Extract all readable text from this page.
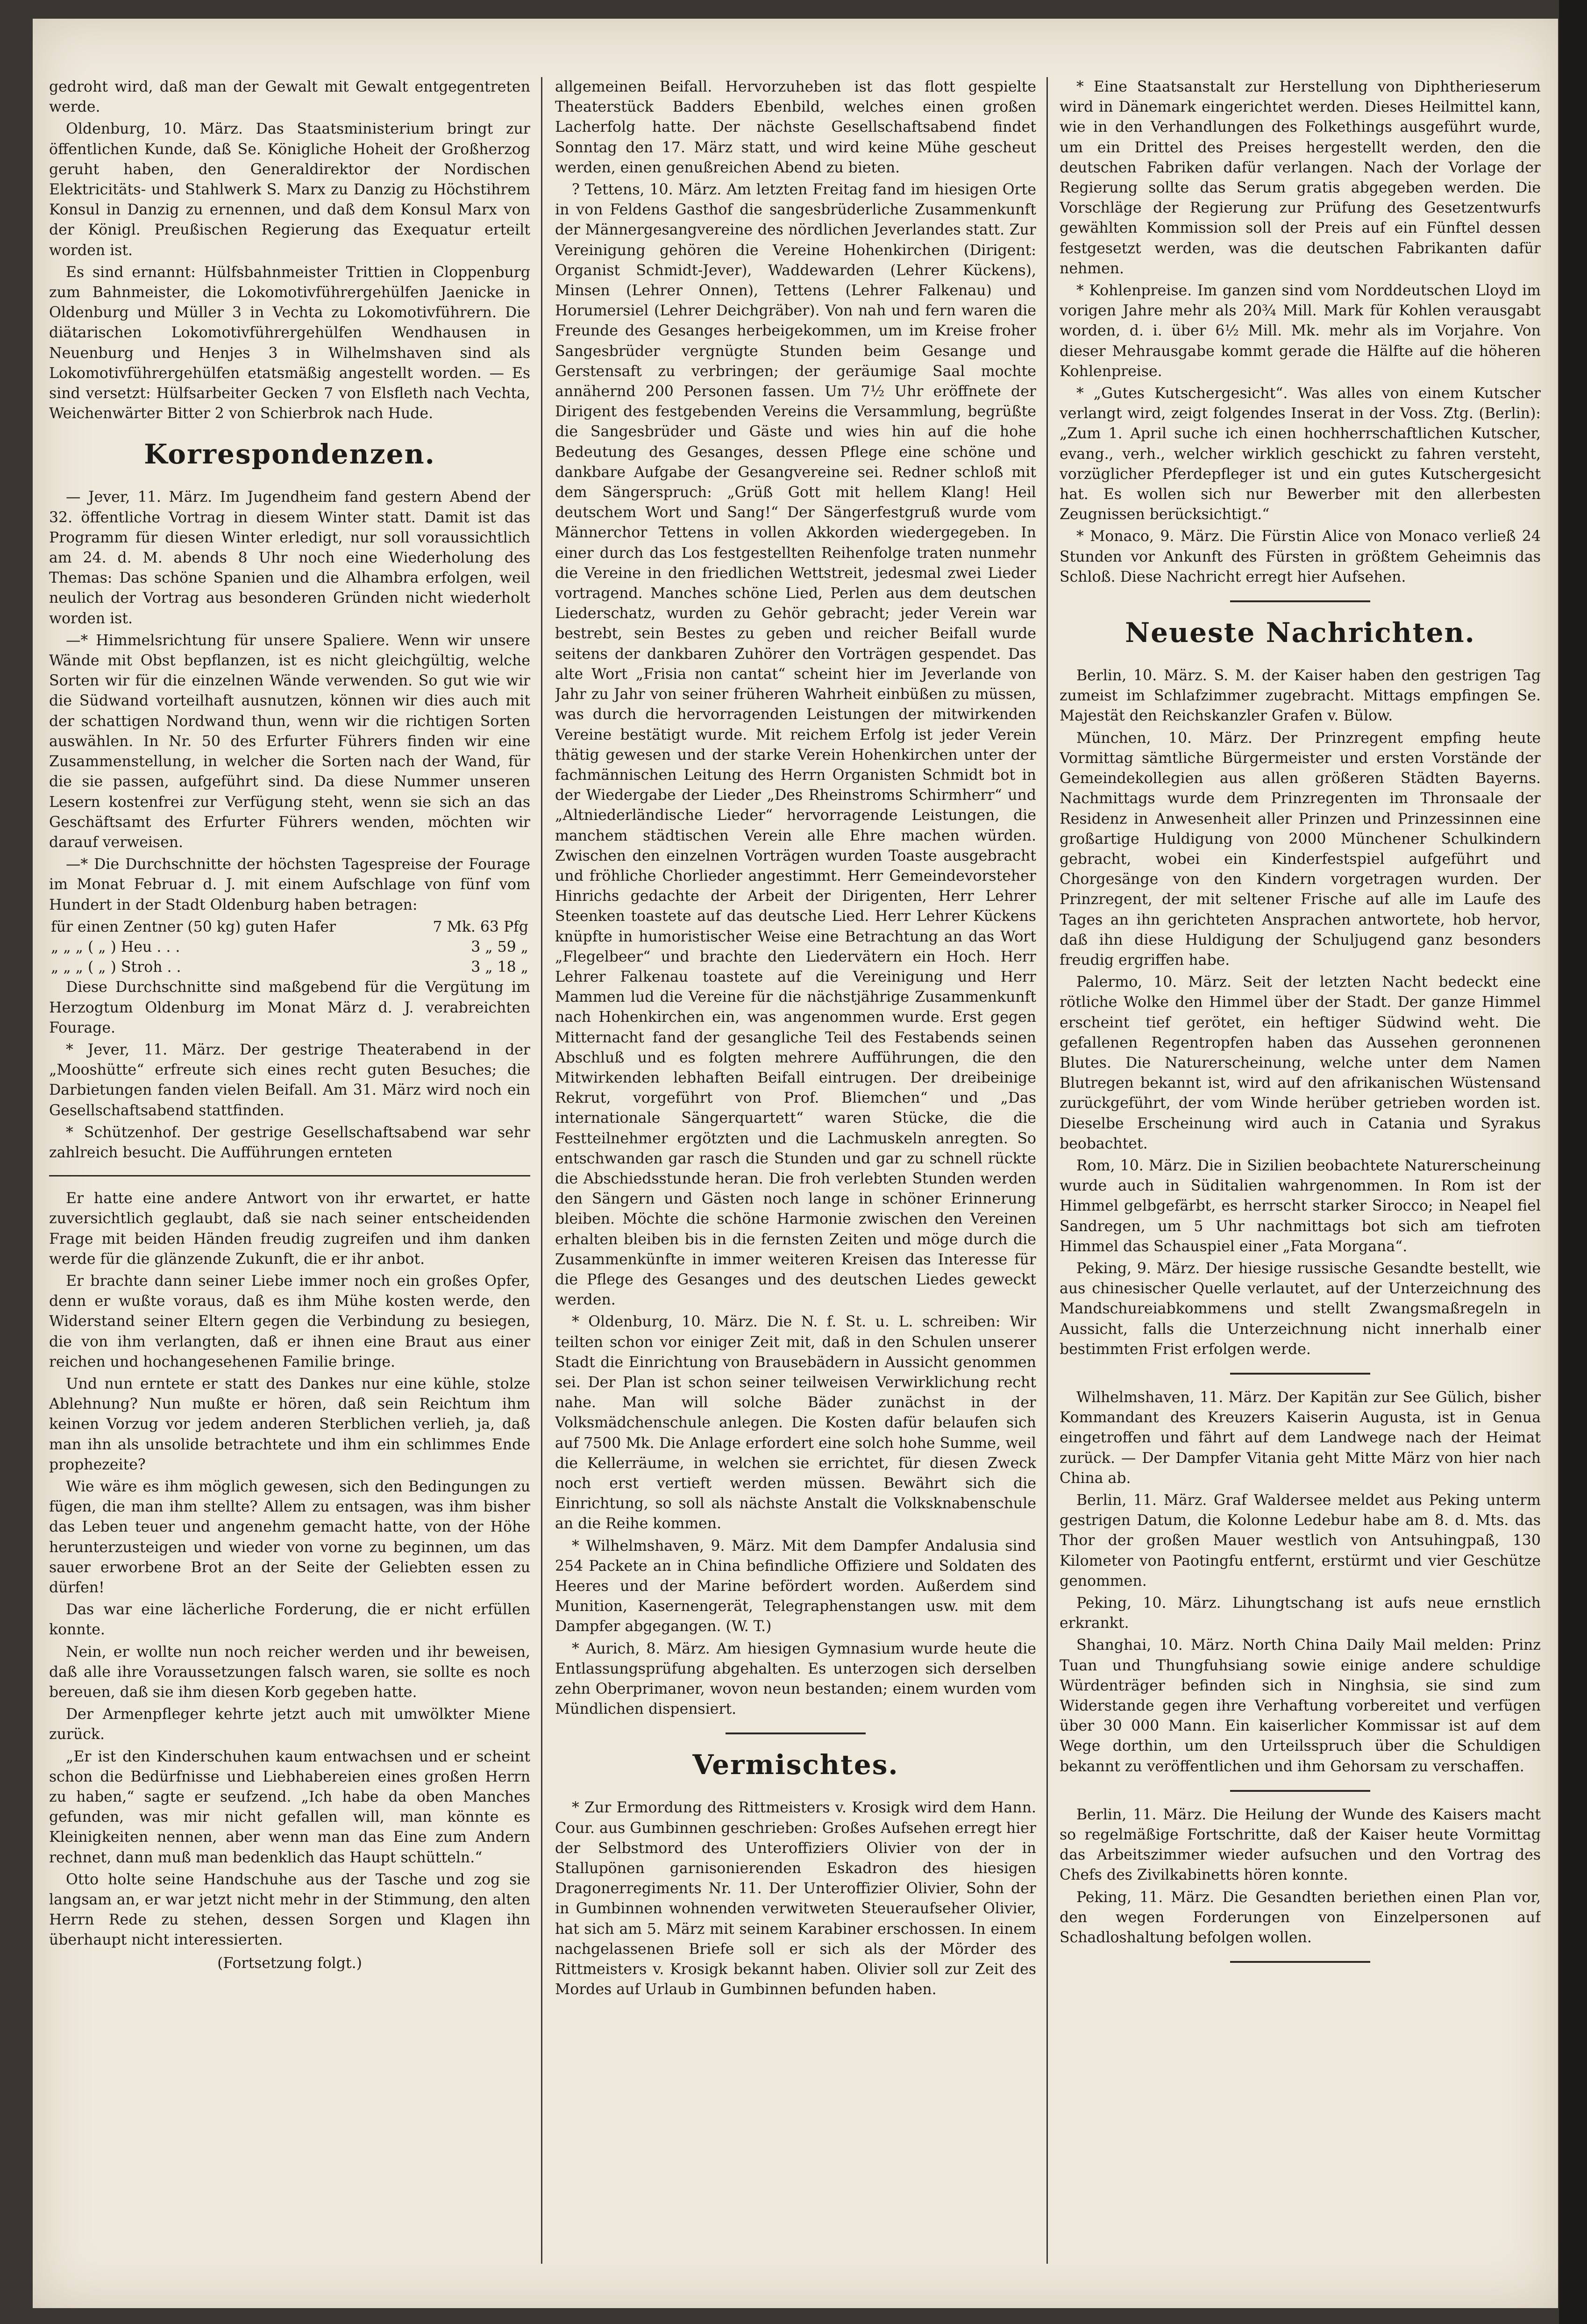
gedroht wird, daß man der Gewalt mit Gewalt entgegentreten werde.

Oldenburg, 10. März. Das Staatsministerium bringt zur öffentlichen Kunde, daß Se. Königliche Hoheit der Großherzog geruht haben, den Generaldirektor der Nordischen Elektricitäts- und Stahlwerk S. Marx zu Danzig zu Höchstihrem Konsul in Danzig zu ernennen, und daß dem Konsul Marx von der Königl. Preußischen Regierung das Exequatur erteilt worden ist.

Es sind ernannt: Hülfsbahnmeister Trittien in Cloppenburg zum Bahnmeister, die Lokomotivführergehülfen Jaenicke in Oldenburg und Müller 3 in Vechta zu Lokomotivführern. Die diätarischen Lokomotivführergehülfen Wendhausen in Neuenburg und Henjes 3 in Wilhelmshaven sind als Lokomotivführergehülfen etatsmäßig angestellt worden. — Es sind versetzt: Hülfsarbeiter Gecken 7 von Elsfleth nach Vechta, Weichenwärter Bitter 2 von Schierbrok nach Hude.

Korrespondenzen.

— Jever, 11. März. Im Jugendheim fand gestern Abend der 32. öffentliche Vortrag in diesem Winter statt. Damit ist das Programm für diesen Winter erledigt, nur soll voraussichtlich am 24. d. M. abends 8 Uhr noch eine Wiederholung des Themas: Das schöne Spanien und die Alhambra erfolgen, weil neulich der Vortrag aus besonderen Gründen nicht wiederholt worden ist.

—* Himmelsrichtung für unsere Spaliere. Wenn wir unsere Wände mit Obst bepflanzen, ist es nicht gleichgültig, welche Sorten wir für die einzelnen Wände verwenden. So gut wie wir die Südwand vorteilhaft ausnutzen, können wir dies auch mit der schattigen Nordwand thun, wenn wir die richtigen Sorten auswählen. In Nr. 50 des Erfurter Führers finden wir eine Zusammenstellung, in welcher die Sorten nach der Wand, für die sie passen, aufgeführt sind. Da diese Nummer unseren Lesern kostenfrei zur Verfügung steht, wenn sie sich an das Geschäftsamt des Erfurter Führers wenden, möchten wir darauf verweisen.

—* Die Durchschnitte der höchsten Tagespreise der Fourage im Monat Februar d. J. mit einem Aufschlage von fünf vom Hundert in der Stadt Oldenburg haben betragen:

für einen Zentner (50 kg) guten Hafer	7 Mk. 63 Pfg
„ „ „ ( „ ) Heu . . .	3 „ 59 „
„ „ „ ( „ ) Stroh . .	3 „ 18 „

Diese Durchschnitte sind maßgebend für die Vergütung im Herzogtum Oldenburg im Monat März d. J. verabreichten Fourage.

* Jever, 11. März. Der gestrige Theaterabend in der „Mooshütte“ erfreute sich eines recht guten Besuches; die Darbietungen fanden vielen Beifall. Am 31. März wird noch ein Gesellschaftsabend stattfinden.

* Schützenhof. Der gestrige Gesellschaftsabend war sehr zahlreich besucht. Die Aufführungen ernteten

Er hatte eine andere Antwort von ihr erwartet, er hatte zuversichtlich geglaubt, daß sie nach seiner entscheidenden Frage mit beiden Händen freudig zugreifen und ihm danken werde für die glänzende Zukunft, die er ihr anbot.

Er brachte dann seiner Liebe immer noch ein großes Opfer, denn er wußte voraus, daß es ihm Mühe kosten werde, den Widerstand seiner Eltern gegen die Verbindung zu besiegen, die von ihm verlangten, daß er ihnen eine Braut aus einer reichen und hochangesehenen Familie bringe.

Und nun erntete er statt des Dankes nur eine kühle, stolze Ablehnung? Nun mußte er hören, daß sein Reichtum ihm keinen Vorzug vor jedem anderen Sterblichen verlieh, ja, daß man ihn als unsolide betrachtete und ihm ein schlimmes Ende prophezeite?

Wie wäre es ihm möglich gewesen, sich den Bedingungen zu fügen, die man ihm stellte? Allem zu entsagen, was ihm bisher das Leben teuer und angenehm gemacht hatte, von der Höhe herunterzusteigen und wieder von vorne zu beginnen, um das sauer erworbene Brot an der Seite der Geliebten essen zu dürfen!

Das war eine lächerliche Forderung, die er nicht erfüllen konnte.

Nein, er wollte nun noch reicher werden und ihr beweisen, daß alle ihre Voraussetzungen falsch waren, sie sollte es noch bereuen, daß sie ihm diesen Korb gegeben hatte.

Der Armenpfleger kehrte jetzt auch mit umwölkter Miene zurück.

„Er ist den Kinderschuhen kaum entwachsen und er scheint schon die Bedürfnisse und Liebhabereien eines großen Herrn zu haben,“ sagte er seufzend. „Ich habe da oben Manches gefunden, was mir nicht gefallen will, man könnte es Kleinigkeiten nennen, aber wenn man das Eine zum Andern rechnet, dann muß man bedenklich das Haupt schütteln.“

Otto holte seine Handschuhe aus der Tasche und zog sie langsam an, er war jetzt nicht mehr in der Stimmung, den alten Herrn Rede zu stehen, dessen Sorgen und Klagen ihn überhaupt nicht interessierten.

(Fortsetzung folgt.)

allgemeinen Beifall. Hervorzuheben ist das flott gespielte Theaterstück Badders Ebenbild, welches einen großen Lacherfolg hatte. Der nächste Gesellschaftsabend findet Sonntag den 17. März statt, und wird keine Mühe gescheut werden, einen genußreichen Abend zu bieten.

? Tettens, 10. März. Am letzten Freitag fand im hiesigen Orte in von Feldens Gasthof die sangesbrüderliche Zusammenkunft der Männergesangvereine des nördlichen Jeverlandes statt. Zur Vereinigung gehören die Vereine Hohenkirchen (Dirigent: Organist Schmidt-Jever), Waddewarden (Lehrer Kückens), Minsen (Lehrer Onnen), Tettens (Lehrer Falkenau) und Horumersiel (Lehrer Deichgräber). Von nah und fern waren die Freunde des Gesanges herbeigekommen, um im Kreise froher Sangesbrüder vergnügte Stunden beim Gesange und Gerstensaft zu verbringen; der geräumige Saal mochte annähernd 200 Personen fassen. Um 7½ Uhr eröffnete der Dirigent des festgebenden Vereins die Versammlung, begrüßte die Sangesbrüder und Gäste und wies hin auf die hohe Bedeutung des Gesanges, dessen Pflege eine schöne und dankbare Aufgabe der Gesangvereine sei. Redner schloß mit dem Sängerspruch: „Grüß Gott mit hellem Klang! Heil deutschem Wort und Sang!“ Der Sängerfestgruß wurde vom Männerchor Tettens in vollen Akkorden wiedergegeben. In einer durch das Los festgestellten Reihenfolge traten nunmehr die Vereine in den friedlichen Wettstreit, jedesmal zwei Lieder vortragend. Manches schöne Lied, Perlen aus dem deutschen Liederschatz, wurden zu Gehör gebracht; jeder Verein war bestrebt, sein Bestes zu geben und reicher Beifall wurde seitens der dankbaren Zuhörer den Vorträgen gespendet. Das alte Wort „Frisia non cantat“ scheint hier im Jeverlande von Jahr zu Jahr von seiner früheren Wahrheit einbüßen zu müssen, was durch die hervorragenden Leistungen der mitwirkenden Vereine bestätigt wurde. Mit reichem Erfolg ist jeder Verein thätig gewesen und der starke Verein Hohenkirchen unter der fachmännischen Leitung des Herrn Organisten Schmidt bot in der Wiedergabe der Lieder „Des Rheinstroms Schirmherr“ und „Altniederländische Lieder“ hervorragende Leistungen, die manchem städtischen Verein alle Ehre machen würden. Zwischen den einzelnen Vorträgen wurden Toaste ausgebracht und fröhliche Chorlieder angestimmt. Herr Gemeindevorsteher Hinrichs gedachte der Arbeit der Dirigenten, Herr Lehrer Steenken toastete auf das deutsche Lied. Herr Lehrer Kückens knüpfte in humoristischer Weise eine Betrachtung an das Wort „Flegelbeer“ und brachte den Liedervätern ein Hoch. Herr Lehrer Falkenau toastete auf die Vereinigung und Herr Mammen lud die Vereine für die nächstjährige Zusammenkunft nach Hohenkirchen ein, was angenommen wurde. Erst gegen Mitternacht fand der gesangliche Teil des Festabends seinen Abschluß und es folgten mehrere Aufführungen, die den Mitwirkenden lebhaften Beifall eintrugen. Der dreibeinige Rekrut, vorgeführt von Prof. Bliemchen“ und „Das internationale Sängerquartett“ waren Stücke, die die Festteilnehmer ergötzten und die Lachmuskeln anregten. So entschwanden gar rasch die Stunden und gar zu schnell rückte die Abschiedsstunde heran. Die froh verlebten Stunden werden den Sängern und Gästen noch lange in schöner Erinnerung bleiben. Möchte die schöne Harmonie zwischen den Vereinen erhalten bleiben bis in die fernsten Zeiten und möge durch die Zusammenkünfte in immer weiteren Kreisen das Interesse für die Pflege des Gesanges und des deutschen Liedes geweckt werden.

* Oldenburg, 10. März. Die N. f. St. u. L. schreiben: Wir teilten schon vor einiger Zeit mit, daß in den Schulen unserer Stadt die Einrichtung von Brausebädern in Aussicht genommen sei. Der Plan ist schon seiner teilweisen Verwirklichung recht nahe. Man will solche Bäder zunächst in der Volksmädchenschule anlegen. Die Kosten dafür belaufen sich auf 7500 Mk. Die Anlage erfordert eine solch hohe Summe, weil die Kellerräume, in welchen sie errichtet, für diesen Zweck noch erst vertieft werden müssen. Bewährt sich die Einrichtung, so soll als nächste Anstalt die Volksknabenschule an die Reihe kommen.

* Wilhelmshaven, 9. März. Mit dem Dampfer Andalusia sind 254 Packete an in China befindliche Offiziere und Soldaten des Heeres und der Marine befördert worden. Außerdem sind Munition, Kasernengerät, Telegraphenstangen usw. mit dem Dampfer abgegangen. (W. T.)

* Aurich, 8. März. Am hiesigen Gymnasium wurde heute die Entlassungsprüfung abgehalten. Es unterzogen sich derselben zehn Oberprimaner, wovon neun bestanden; einem wurden vom Mündlichen dispensiert.

Vermischtes.

* Zur Ermordung des Rittmeisters v. Krosigk wird dem Hann. Cour. aus Gumbinnen geschrieben: Großes Aufsehen erregt hier der Selbstmord des Unteroffiziers Olivier von der in Stallupönen garnisonierenden Eskadron des hiesigen Dragonerregiments Nr. 11. Der Unteroffizier Olivier, Sohn der in Gumbinnen wohnenden verwitweten Steueraufseher Olivier, hat sich am 5. März mit seinem Karabiner erschossen. In einem nachgelassenen Briefe soll er sich als der Mörder des Rittmeisters v. Krosigk bekannt haben. Olivier soll zur Zeit des Mordes auf Urlaub in Gumbinnen befunden haben.

* Eine Staatsanstalt zur Herstellung von Diphtherieserum wird in Dänemark eingerichtet werden. Dieses Heilmittel kann, wie in den Verhandlungen des Folkethings ausgeführt wurde, um ein Drittel des Preises hergestellt werden, den die deutschen Fabriken dafür verlangen. Nach der Vorlage der Regierung sollte das Serum gratis abgegeben werden. Die Vorschläge der Regierung zur Prüfung des Gesetzentwurfs gewählten Kommission soll der Preis auf ein Fünftel dessen festgesetzt werden, was die deutschen Fabrikanten dafür nehmen.

* Kohlenpreise. Im ganzen sind vom Norddeutschen Lloyd im vorigen Jahre mehr als 20¾ Mill. Mark für Kohlen verausgabt worden, d. i. über 6½ Mill. Mk. mehr als im Vorjahre. Von dieser Mehrausgabe kommt gerade die Hälfte auf die höheren Kohlenpreise.

* „Gutes Kutschergesicht“. Was alles von einem Kutscher verlangt wird, zeigt folgendes Inserat in der Voss. Ztg. (Berlin): „Zum 1. April suche ich einen hochherrschaftlichen Kutscher, evang., verh., welcher wirklich geschickt zu fahren versteht, vorzüglicher Pferdepfleger ist und ein gutes Kutschergesicht hat. Es wollen sich nur Bewerber mit den allerbesten Zeugnissen berücksichtigt.“

* Monaco, 9. März. Die Fürstin Alice von Monaco verließ 24 Stunden vor Ankunft des Fürsten in größtem Geheimnis das Schloß. Diese Nachricht erregt hier Aufsehen.

Neueste Nachrichten.

Berlin, 10. März. S. M. der Kaiser haben den gestrigen Tag zumeist im Schlafzimmer zugebracht. Mittags empfingen Se. Majestät den Reichskanzler Grafen v. Bülow.

München, 10. März. Der Prinzregent empfing heute Vormittag sämtliche Bürgermeister und ersten Vorstände der Gemeindekollegien aus allen größeren Städten Bayerns. Nachmittags wurde dem Prinzregenten im Thronsaale der Residenz in Anwesenheit aller Prinzen und Prinzessinnen eine großartige Huldigung von 2000 Münchener Schulkindern gebracht, wobei ein Kinderfestspiel aufgeführt und Chorgesänge von den Kindern vorgetragen wurden. Der Prinzregent, der mit seltener Frische auf alle im Laufe des Tages an ihn gerichteten Ansprachen antwortete, hob hervor, daß ihn diese Huldigung der Schuljugend ganz besonders freudig ergriffen habe.

Palermo, 10. März. Seit der letzten Nacht bedeckt eine rötliche Wolke den Himmel über der Stadt. Der ganze Himmel erscheint tief gerötet, ein heftiger Südwind weht. Die gefallenen Regentropfen haben das Aussehen geronnenen Blutes. Die Naturerscheinung, welche unter dem Namen Blutregen bekannt ist, wird auf den afrikanischen Wüstensand zurückgeführt, der vom Winde herüber getrieben worden ist. Dieselbe Erscheinung wird auch in Catania und Syrakus beobachtet.

Rom, 10. März. Die in Sizilien beobachtete Naturerscheinung wurde auch in Süditalien wahrgenommen. In Rom ist der Himmel gelbgefärbt, es herrscht starker Sirocco; in Neapel fiel Sandregen, um 5 Uhr nachmittags bot sich am tiefroten Himmel das Schauspiel einer „Fata Morgana“.

Peking, 9. März. Der hiesige russische Gesandte bestellt, wie aus chinesischer Quelle verlautet, auf der Unterzeichnung des Mandschureiabkommens und stellt Zwangsmaßregeln in Aussicht, falls die Unterzeichnung nicht innerhalb einer bestimmten Frist erfolgen werde.

Wilhelmshaven, 11. März. Der Kapitän zur See Gülich, bisher Kommandant des Kreuzers Kaiserin Augusta, ist in Genua eingetroffen und fährt auf dem Landwege nach der Heimat zurück. — Der Dampfer Vitania geht Mitte März von hier nach China ab.

Berlin, 11. März. Graf Waldersee meldet aus Peking unterm gestrigen Datum, die Kolonne Ledebur habe am 8. d. Mts. das Thor der großen Mauer westlich von Antsuhingpaß, 130 Kilometer von Paotingfu entfernt, erstürmt und vier Geschütze genommen.

Peking, 10. März. Lihungtschang ist aufs neue ernstlich erkrankt.

Shanghai, 10. März. North China Daily Mail melden: Prinz Tuan und Thungfuhsiang sowie einige andere schuldige Würdenträger befinden sich in Ninghsia, sie sind zum Widerstande gegen ihre Verhaftung vorbereitet und verfügen über 30 000 Mann. Ein kaiserlicher Kommissar ist auf dem Wege dorthin, um den Urteilsspruch über die Schuldigen bekannt zu veröffentlichen und ihm Gehorsam zu verschaffen.

Berlin, 11. März. Die Heilung der Wunde des Kaisers macht so regelmäßige Fortschritte, daß der Kaiser heute Vormittag das Arbeitszimmer wieder aufsuchen und den Vortrag des Chefs des Zivilkabinetts hören konnte.

Peking, 11. März. Die Gesandten beriethen einen Plan vor, den wegen Forderungen von Einzelpersonen auf Schadloshaltung befolgen wollen.
